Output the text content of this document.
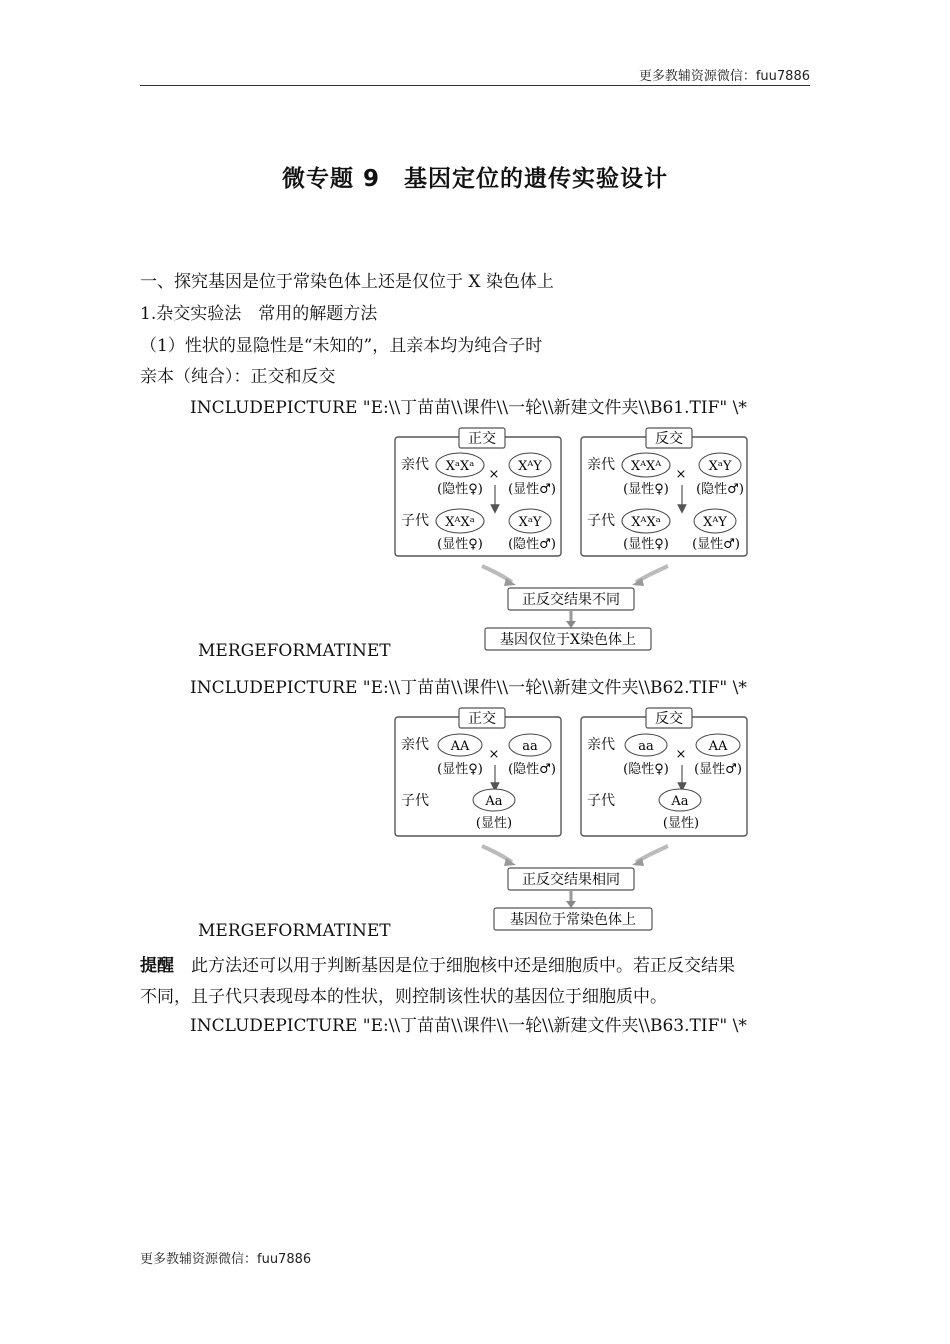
更多教辅资源微信：fuu7886
微专题 9　基因定位的遗传实验设计
一、探究基因是位于常染色体上还是仅位于 X 染色体上
1.杂交实验法　常用的解题方法
（1）性状的显隐性是“未知的”，且亲本均为纯合子时
亲本（纯合）：正交和反交
INCLUDEPICTURE "E:\\丁苗苗\\课件\\一轮\\新建文件夹\\B61.TIF" \*
正交
亲代 XᵃXᵃ
×
XᴬY
(隐性♀) (显性♂)
子代 XᴬXᵃ	XᵃY
(显性♀) (隐性♂)
反交
亲代 XᴬXᴬ
×
XᵃY
(显性♀) (隐性♂)
子代 XᴬXᵃ	XᴬY
(显性♀) (显性♂)
正反交结果不同
基因仅位于X染色体上
MERGEFORMATINET
INCLUDEPICTURE "E:\\丁苗苗\\课件\\一轮\\新建文件夹\\B62.TIF" \*
正交
亲代 AA
×
aa
(显性♀) (隐性♂)
子代	Aa
(显性)
反交
亲代 aa
×
AA
(隐性♀) (显性♂)
子代	Aa
(显性)
正反交结果相同
基因位于常染色体上
MERGEFORMATINET
提醒　此方法还可以用于判断基因是位于细胞核中还是细胞质中。若正反交结果
不同，且子代只表现母本的性状，则控制该性状的基因位于细胞质中。
INCLUDEPICTURE "E:\\丁苗苗\\课件\\一轮\\新建文件夹\\B63.TIF" \*
更多教辅资源微信：fuu7886
